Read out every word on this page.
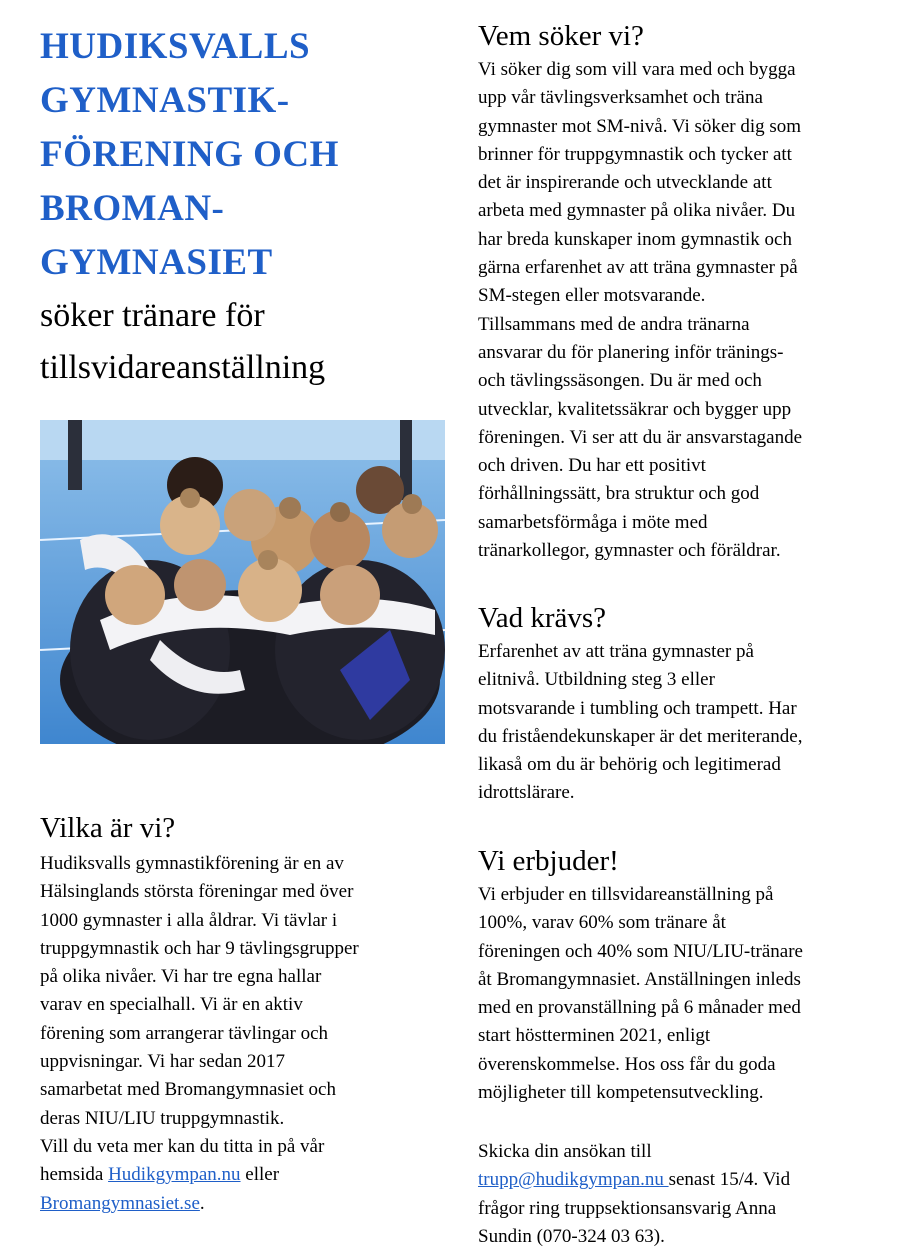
HUDIKSVALLS
GYMNASTIK-
FÖRENING OCH
BROMAN-
GYMNASIET
söker tränare för
tillsvidareanställning
Vilka är vi?

Hudiksvalls gymnastikförening är en av
Hälsinglands största föreningar med över
1000 gymnaster i alla åldrar. Vi tävlar i
truppgymnastik och har 9 tävlingsgrupper
på olika nivåer. Vi har tre egna hallar
varav en specialhall. Vi är en aktiv
förening som arrangerar tävlingar och
uppvisningar. Vi har sedan 2017
samarbetat med Bromangymnasiet och
deras NIU/LIU truppgymnastik.
Vill du veta mer kan du titta in på vår
hemsida Hudikgympan.nu eller
Bromangymnasiet.se.

Vem söker vi?

Vi söker dig som vill vara med och bygga
upp vår tävlingsverksamhet och träna
gymnaster mot SM-nivå. Vi söker dig som
brinner för truppgymnastik och tycker att
det är inspirerande och utvecklande att
arbeta med gymnaster på olika nivåer. Du
har breda kunskaper inom gymnastik och
gärna erfarenhet av att träna gymnaster på
SM-stegen eller motsvarande.
Tillsammans med de andra tränarna
ansvarar du för planering inför tränings-
och tävlingssäsongen. Du är med och
utvecklar, kvalitetssäkrar och bygger upp
föreningen. Vi ser att du är ansvarstagande
och driven. Du har ett positivt
förhållningssätt, bra struktur och god
samarbetsförmåga i möte med
tränarkollegor, gymnaster och föräldrar.

Vad krävs?

Erfarenhet av att träna gymnaster på
elitnivå. Utbildning steg 3 eller
motsvarande i tumbling och trampett. Har
du friståendekunskaper är det meriterande,
likaså om du är behörig och legitimerad
idrottslärare.

Vi erbjuder!

Vi erbjuder en tillsvidareanställning på
100%, varav 60% som tränare åt
föreningen och 40% som NIU/LIU-tränare
åt Bromangymnasiet. Anställningen inleds
med en provanställning på 6 månader med
start höstterminen 2021, enligt
överenskommelse. Hos oss får du goda
möjligheter till kompetensutveckling.

Skicka din ansökan till
trupp@hudikgympan.nu senast 15/4. Vid
frågor ring truppsektionsansvarig Anna
Sundin (070-324 03 63).
